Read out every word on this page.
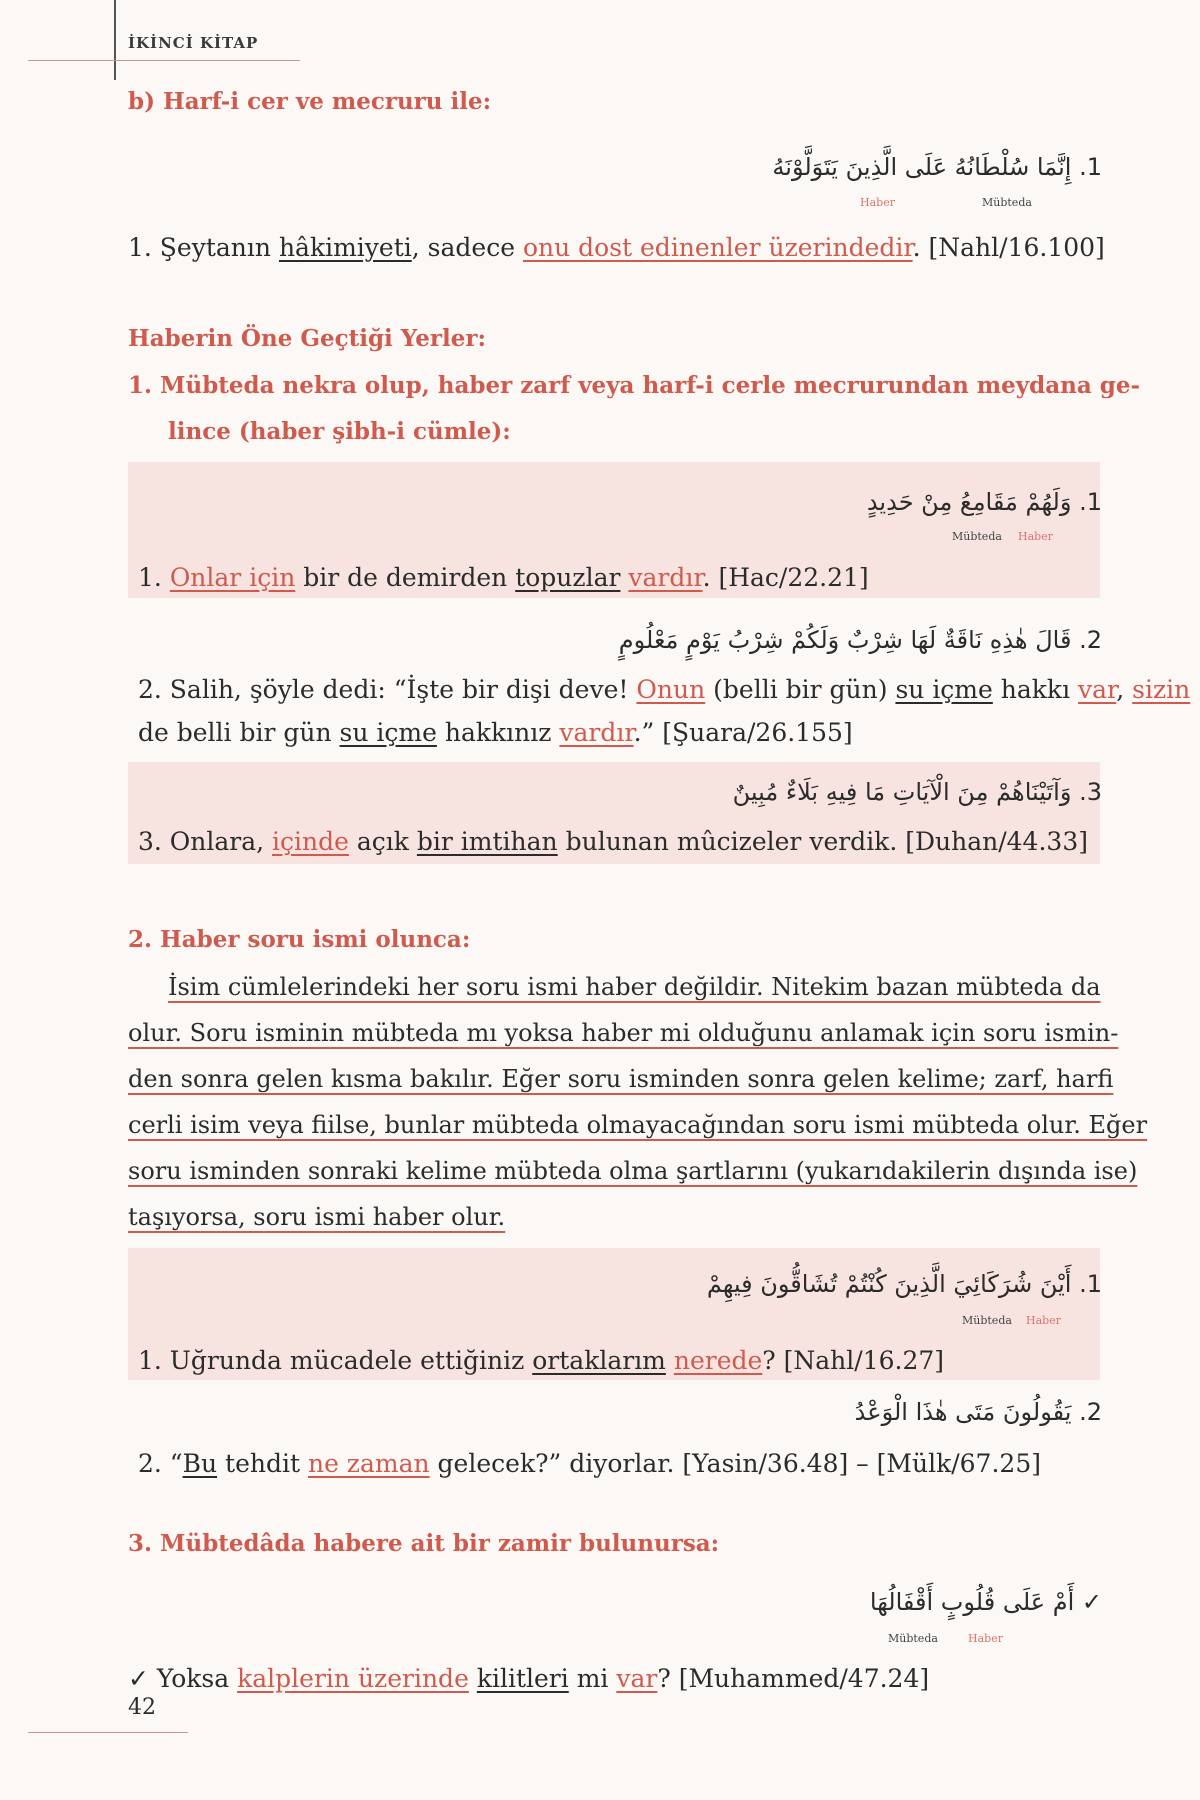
İKİNCİ KİTAP
b) Harf-i cer ve mecruru ile:
1. إِنَّمَا سُلْطَانُهُ عَلَى الَّذِينَ يَتَوَلَّوْنَهُ
Mübteda
Haber
1. Şeytanın hâkimiyeti, sadece onu dost edinenler üzerindedir. [Nahl/16.100]
Haberin Öne Geçtiği Yerler:
1. Mübteda nekra olup, haber zarf veya harf-i cerle mecrurundan meydana ge-
lince (haber şibh-i cümle):
1. وَلَهُمْ مَقَامِعُ مِنْ حَدِيدٍ
Mübteda Haber
1. Onlar için bir de demirden topuzlar vardır. [Hac/22.21]
2. قَالَ هٰذِهِ نَاقَةٌ لَهَا شِرْبٌ وَلَكُمْ شِرْبُ يَوْمٍ مَعْلُومٍ
2. Salih, şöyle dedi: “İşte bir dişi deve! Onun (belli bir gün) su içme hakkı var, sizin
de belli bir gün su içme hakkınız vardır.” [Şuara/26.155]
3. وَآتَيْنَاهُمْ مِنَ الْآيَاتِ مَا فِيهِ بَلَاءٌ مُبِينٌ
3. Onlara, içinde açık bir imtihan bulunan mûcizeler verdik. [Duhan/44.33]
2. Haber soru ismi olunca:
İsim cümlelerindeki her soru ismi haber değildir. Nitekim bazan mübteda da
olur. Soru isminin mübteda mı yoksa haber mi olduğunu anlamak için soru ismin-
den sonra gelen kısma bakılır. Eğer soru isminden sonra gelen kelime; zarf, harfi
cerli isim veya fiilse, bunlar mübteda olmayacağından soru ismi mübteda olur. Eğer
soru isminden sonraki kelime mübteda olma şartlarını (yukarıdakilerin dışında ise)
taşıyorsa, soru ismi haber olur.
1. أَيْنَ شُرَكَائِيَ الَّذِينَ كُنْتُمْ تُشَاقُّونَ فِيهِمْ
Mübteda Haber
1. Uğrunda mücadele ettiğiniz ortaklarım nerede? [Nahl/16.27]
2. يَقُولُونَ مَتَى هٰذَا الْوَعْدُ
2. “Bu tehdit ne zaman gelecek?” diyorlar. [Yasin/36.48] – [Mülk/67.25]
3. Mübtedâda habere ait bir zamir bulunursa:
✓ أَمْ عَلَى قُلُوبٍ أَقْفَالُهَا
Mübteda	Haber
✓ Yoksa kalplerin üzerinde kilitleri mi var? [Muhammed/47.24]
42
